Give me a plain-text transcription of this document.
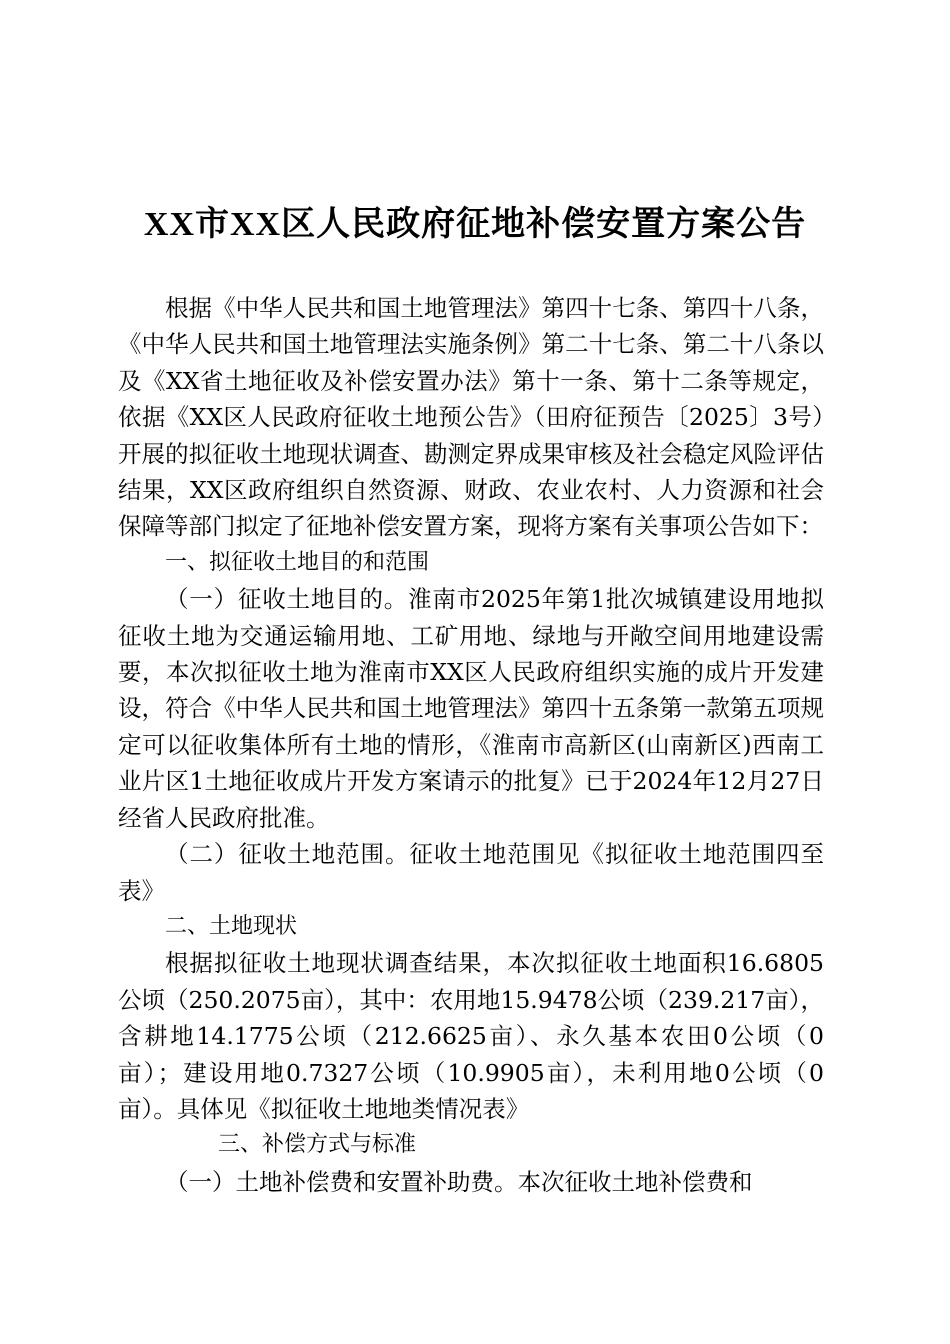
XX市XX区人民政府征地补偿安置方案公告

根据《中华人民共和国土地管理法》第四十七条、第四十八条，《中华人民共和国土地管理法实施条例》第二十七条、第二十八条以及《XX省土地征收及补偿安置办法》第十一条、第十二条等规定，依据《XX区人民政府征收土地预公告》（田府征预告〔2025〕3号）开展的拟征收土地现状调查、勘测定界成果审核及社会稳定风险评估结果，XX区政府组织自然资源、财政、农业农村、人力资源和社会保障等部门拟定了征地补偿安置方案，现将方案有关事项公告如下：

一、拟征收土地目的和范围

（一）征收土地目的。淮南市2025年第1批次城镇建设用地拟征收土地为交通运输用地、工矿用地、绿地与开敞空间用地建设需要，本次拟征收土地为淮南市XX区人民政府组织实施的成片开发建设，符合《中华人民共和国土地管理法》第四十五条第一款第五项规定可以征收集体所有土地的情形，《淮南市高新区(山南新区)西南工业片区1土地征收成片开发方案请示的批复》已于2024年12月27日经省人民政府批准。

（二）征收土地范围。征收土地范围见《拟征收土地范围四至表》

二、土地现状

根据拟征收土地现状调查结果，本次拟征收土地面积16.6805公顷（250.2075亩），其中：农用地15.9478公顷（239.217亩），含耕地14.1775公顷（212.6625亩）、永久基本农田0公顷（0亩）；建设用地0.7327公顷（10.9905亩），未利用地0公顷（0亩）。具体见《拟征收土地地类情况表》

三、补偿方式与标准

（一）土地补偿费和安置补助费。本次征收土地补偿费和
